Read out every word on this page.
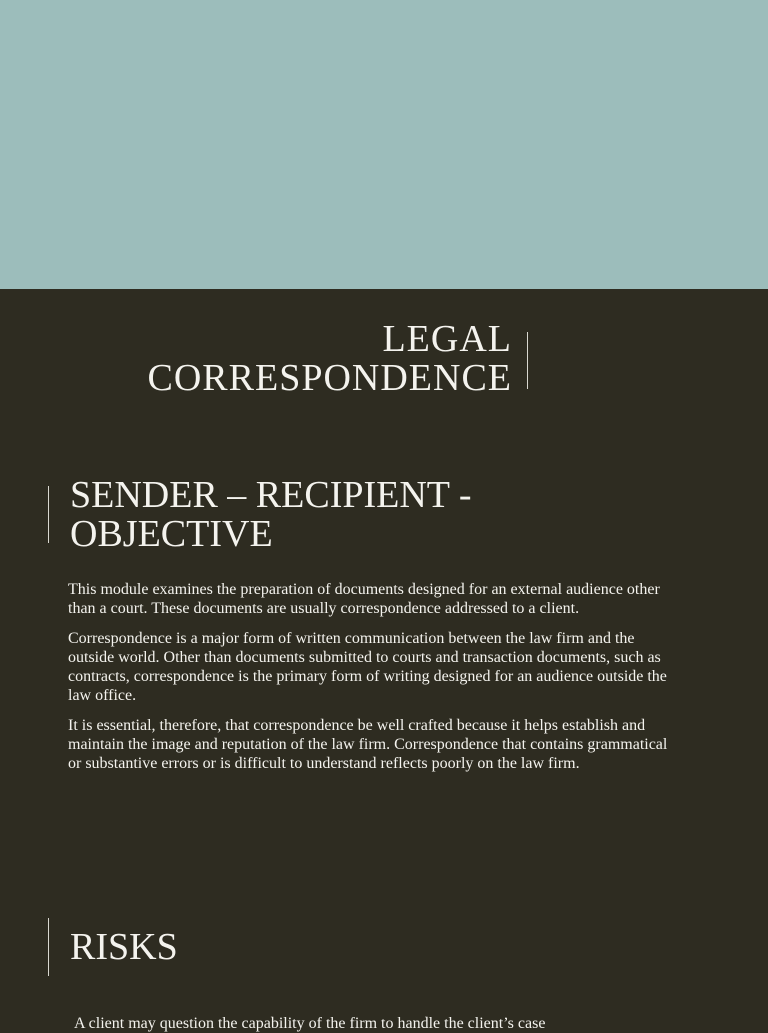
LEGAL
CORRESPONDENCE
SENDER – RECIPIENT -
OBJECTIVE

This module examines the preparation of documents designed for an external audience other than a court. These documents are usually correspondence addressed to a client.

Correspondence is a major form of written communication between the law firm and the outside world. Other than documents submitted to courts and transaction documents, such as contracts, correspondence is the primary form of writing designed for an audience outside the law office.

It is essential, therefore, that correspondence be well crafted because it helps establish and maintain the image and reputation of the law firm. Correspondence that contains grammatical or substantive errors or is difficult to understand reflects poorly on the law firm.

RISKS
A client may question the capability of the firm to handle the client’s case
